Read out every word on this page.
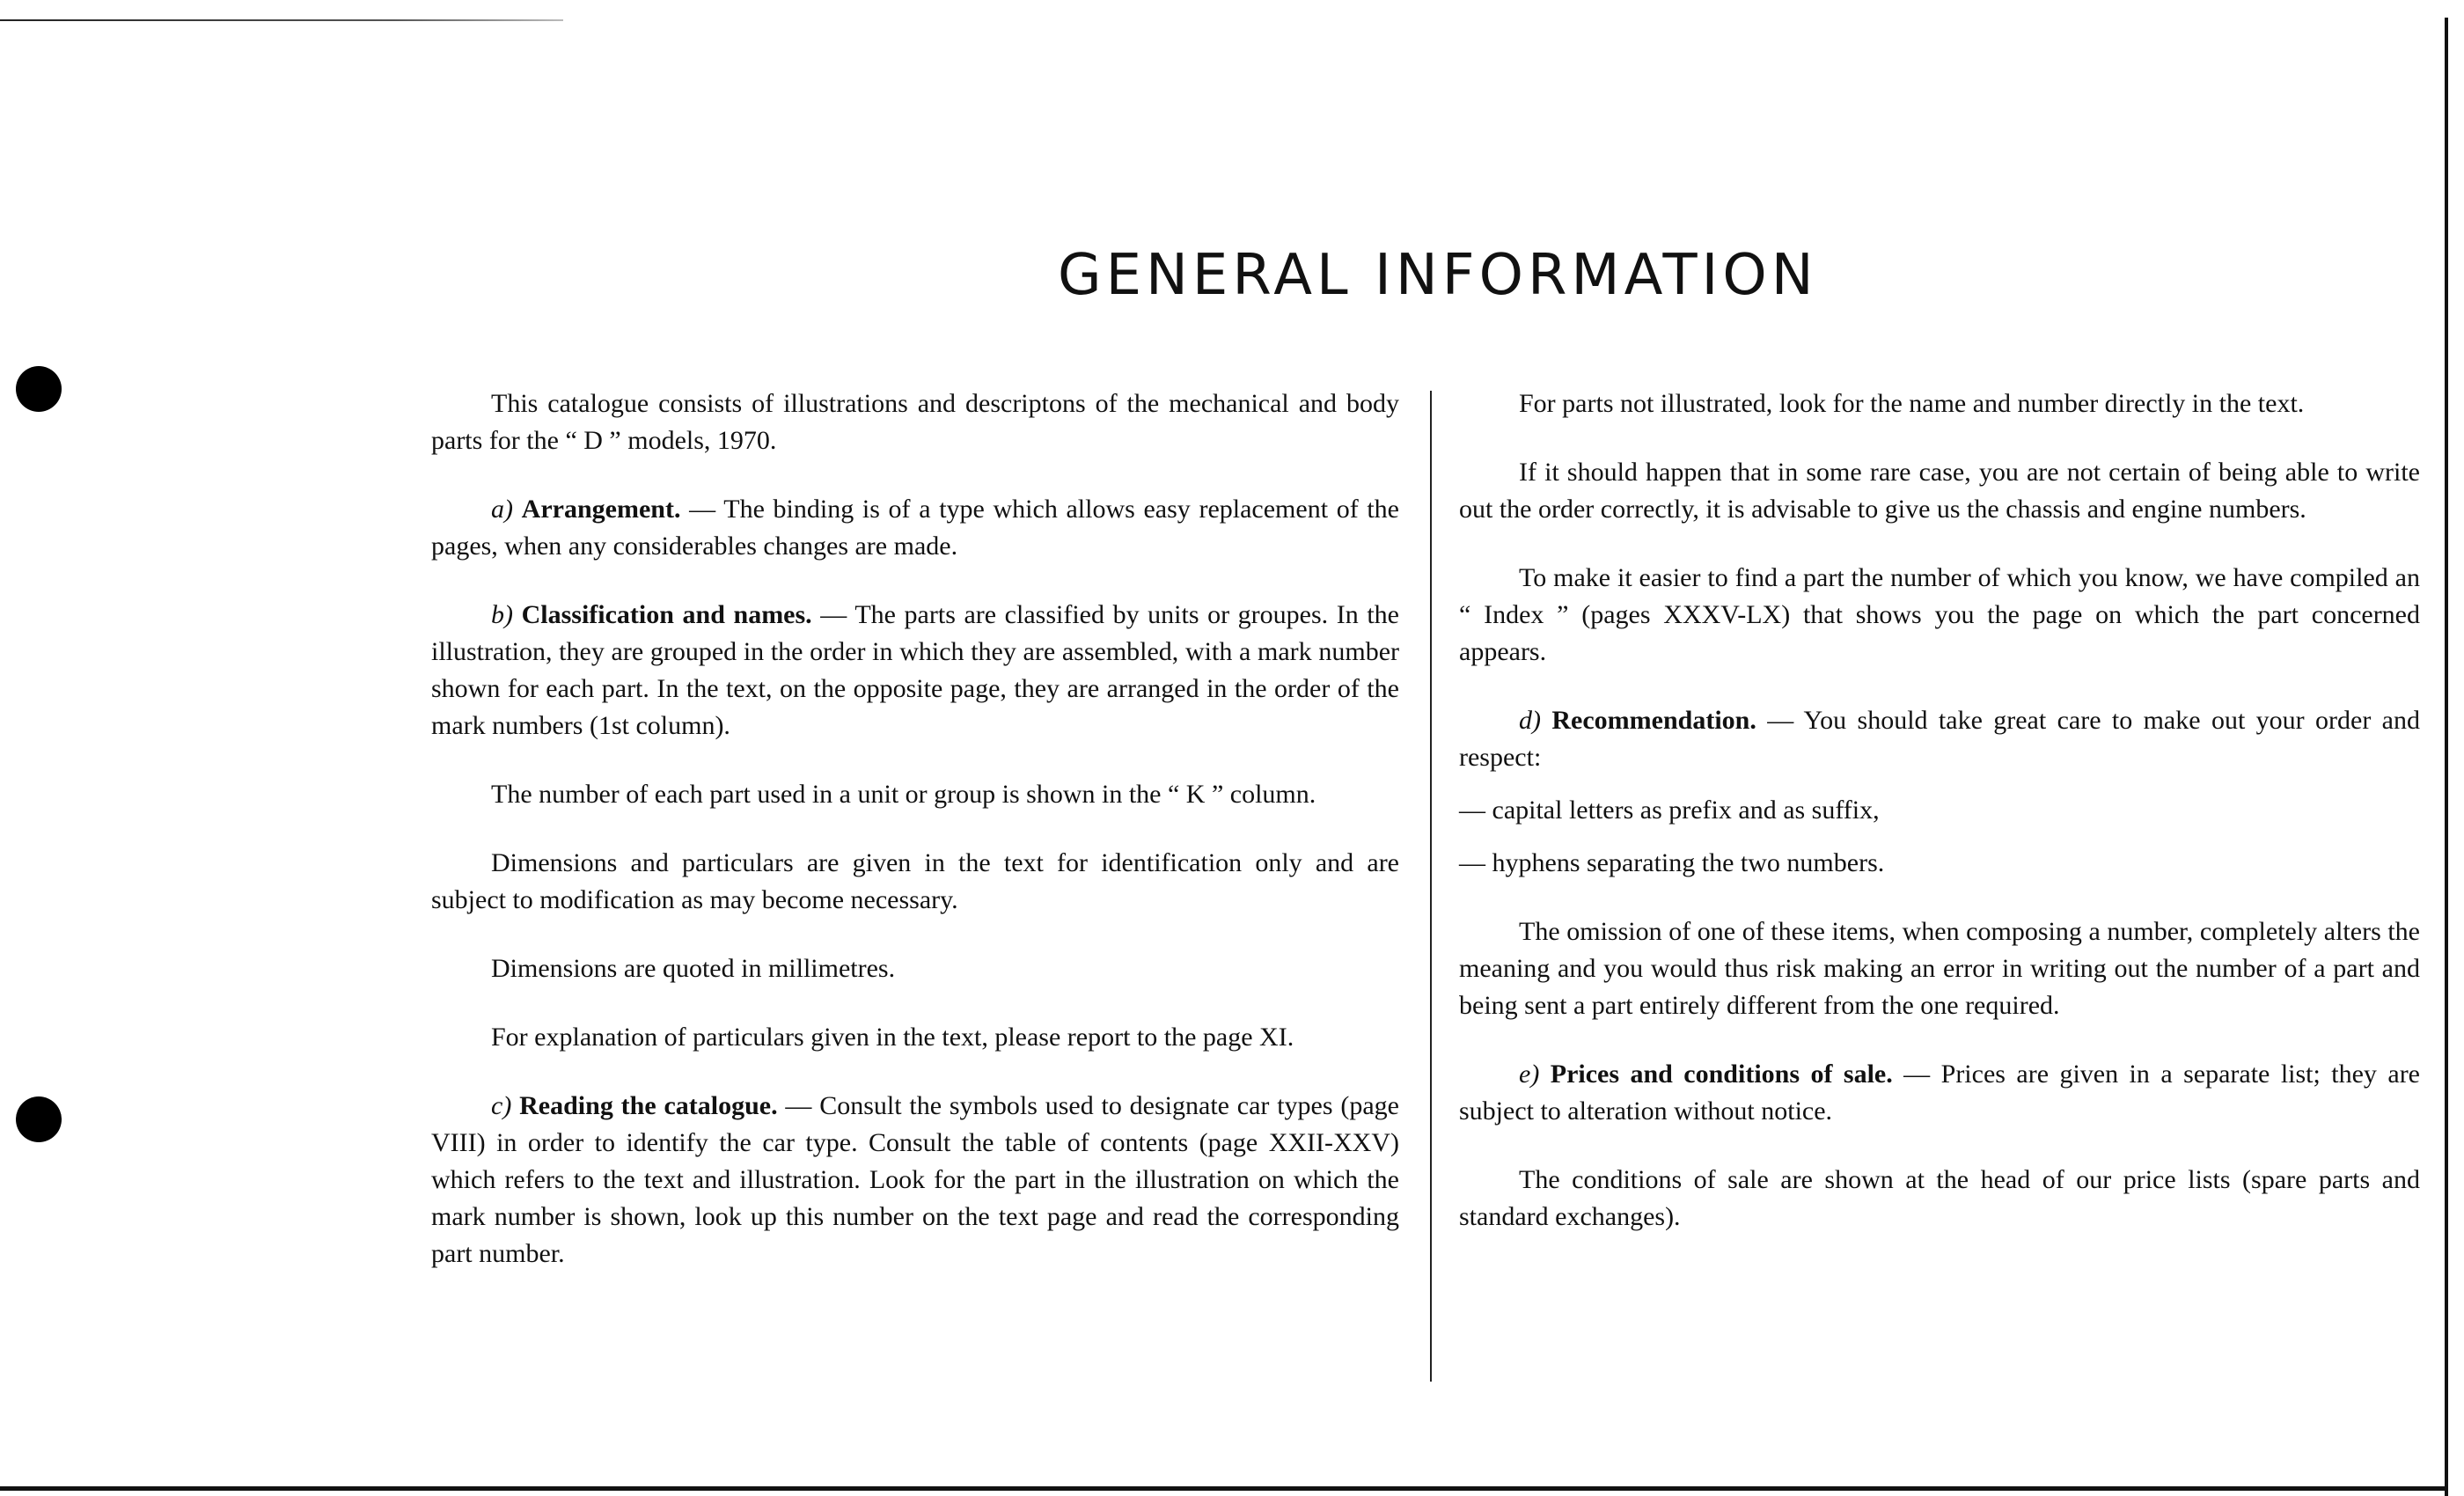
GENERAL INFORMATION

This catalogue consists of illustrations and descriptons of the mechanical and body parts for the “ D ” models, 1970.

a) Arrangement. — The binding is of a type which allows easy replacement of the pages, when any considerables changes are made.

b) Classification and names. — The parts are classified by units or groupes. In the illustration, they are grouped in the order in which they are assembled, with a mark number shown for each part. In the text, on the opposite page, they are arranged in the order of the mark numbers (1st column).

The number of each part used in a unit or group is shown in the “ K ” column.

Dimensions and particulars are given in the text for identification only and are subject to modification as may become necessary.

Dimensions are quoted in millimetres.

For explanation of particulars given in the text, please report to the page XI.

c) Reading the catalogue. — Consult the symbols used to designate car types (page VIII) in order to identify the car type. Consult the table of contents (page XXII-XXV) which refers to the text and illustration. Look for the part in the illustration on which the mark number is shown, look up this number on the text page and read the corresponding part number.

For parts not illustrated, look for the name and number directly in the text.

If it should happen that in some rare case, you are not certain of being able to write out the order correctly, it is advisable to give us the chassis and engine numbers.

To make it easier to find a part the number of which you know, we have compiled an “ Index ” (pages XXXV-LX) that shows you the page on which the part concerned appears.

d) Recommendation. — You should take great care to make out your order and respect:

— capital letters as prefix and as suffix,

— hyphens separating the two numbers.

The omission of one of these items, when composing a number, completely alters the meaning and you would thus risk making an error in writing out the number of a part and being sent a part entirely different from the one required.

e) Prices and conditions of sale. — Prices are given in a separate list; they are subject to alteration without notice.

The conditions of sale are shown at the head of our price lists (spare parts and standard exchanges).
